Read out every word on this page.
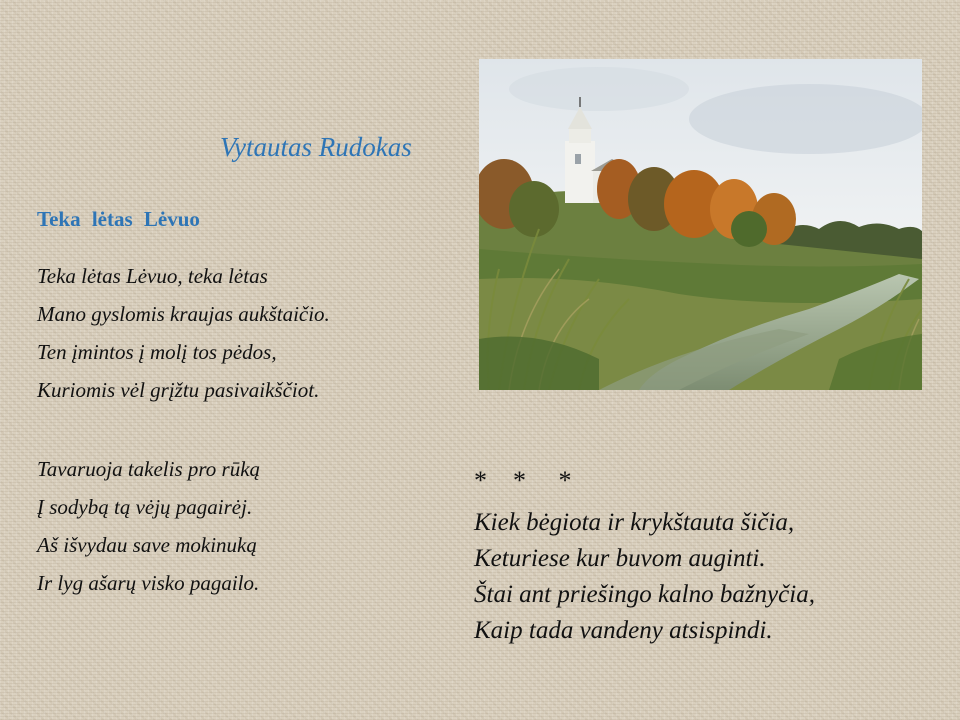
Vytautas Rudokas
Teka lėtas Lėvuo
Teka lėtas Lėvuo, teka lėtas
Mano gyslomis kraujas aukštaičio.
Ten įmintos į molį tos pėdos,
Kuriomis vėl grįžtu pasivaikščiot.
Tavaruoja takelis pro rūką
Į sodybą tą vėjų pagairėj.
Aš išvydau save mokinuką
Ir lyg ašarų visko pagailo.
*    *     *
Kiek bėgiota ir krykštauta šičia,
Keturiese kur buvom auginti.
Štai ant priešingo kalno bažnyčia,
Kaip tada vandeny atsispindi.
